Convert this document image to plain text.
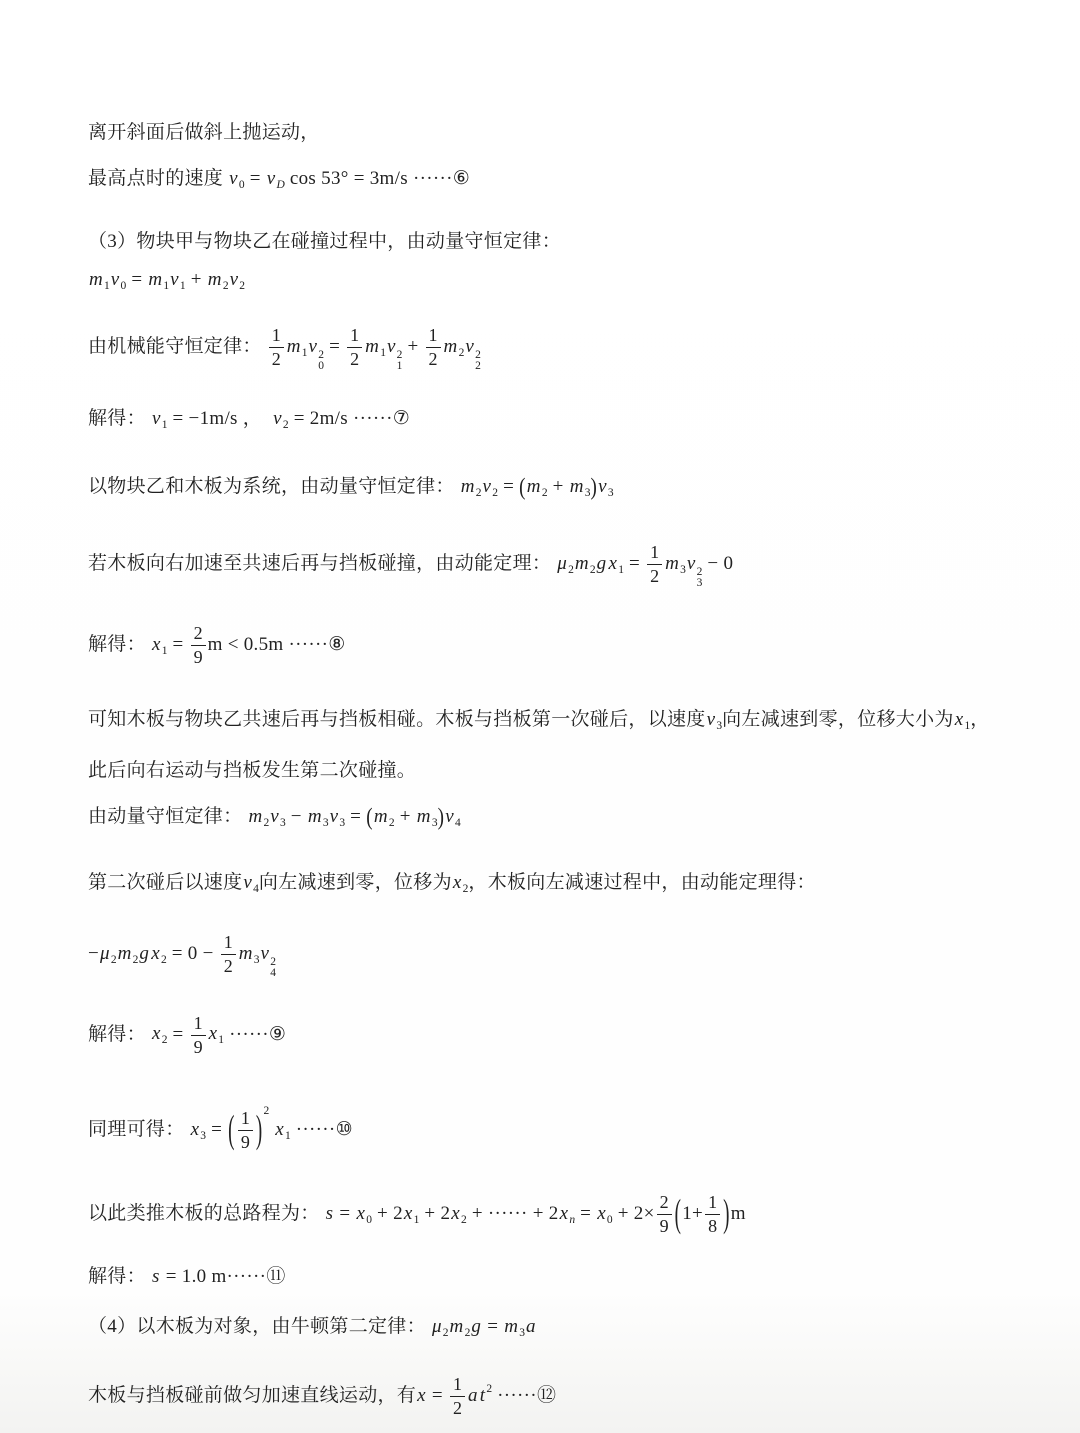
离开斜面后做斜上抛运动，
最高点时的速度 $v_0 = v_D$ cos 53° = 3m/s ······⑥
（3）物块甲与物块乙在碰撞过程中，由动量守恒定律：
$m_1v_0 = m_1v_1 + m_2v_2$
由机械能守恒定律： $\frac{1}{2} m_1v$ 2
0
= $\frac{1}{2} m_1v$ 2
1
+ $\frac{1}{2} m_2v$ 2
2
解得： $v_1 = -1m/s$ ，  $v_2 = 2m/s$ ······⑦
以物块乙和木板为系统，由动量守恒定律： $m_2v_2 = (m_2 + m_3)v_3$
若木板向右加速至共速后再与挡板碰撞，由动能定理： $\mu_2m_2g$ $x_1 = \frac{1}{2} m_3v$ 2
3
− 0
解得： $x_1 = \frac{2}{9}$ m < 0.5m ······⑧
可知木板与物块乙共速后再与挡板相碰。木板与挡板第一次碰后，以速度$v_3$向左减速到零，位移大小为$x_1$，
此后向右运动与挡板发生第二次碰撞。
由动量守恒定律： $m_2v_3 - m_3v_3 = (m_2 + m_3)v_4$
第二次碰后以速度$v_4$向左减速到零，位移为$x_2$，木板向左减速过程中，由动能定理得：
$-\mu_2m_2g$ $x_2 = 0 - \frac{1}{2} m_3v$ 2
4
解得： $x_2 = \frac{1}{9} x_1$ ······⑨
同理可得： $x_3$ = ( $\frac{1}{9} )^2$ $x_1$ ······⑩
以此类推木板的总路程为： $s = x_0 + 2x_1 + 2x_2$ + ······ + $2x_n = x_0 + 2\times \frac{2}{9} (1+ \frac{1}{8} )m$
解得： s = 1.0 m······⑪
（4）以木板为对象，由牛顿第二定律： $\mu_2m_2g = m_3a$
木板与挡板碰前做匀加速直线运动，有$x = \frac{1}{2}$ a $t^2$ ······⑫
